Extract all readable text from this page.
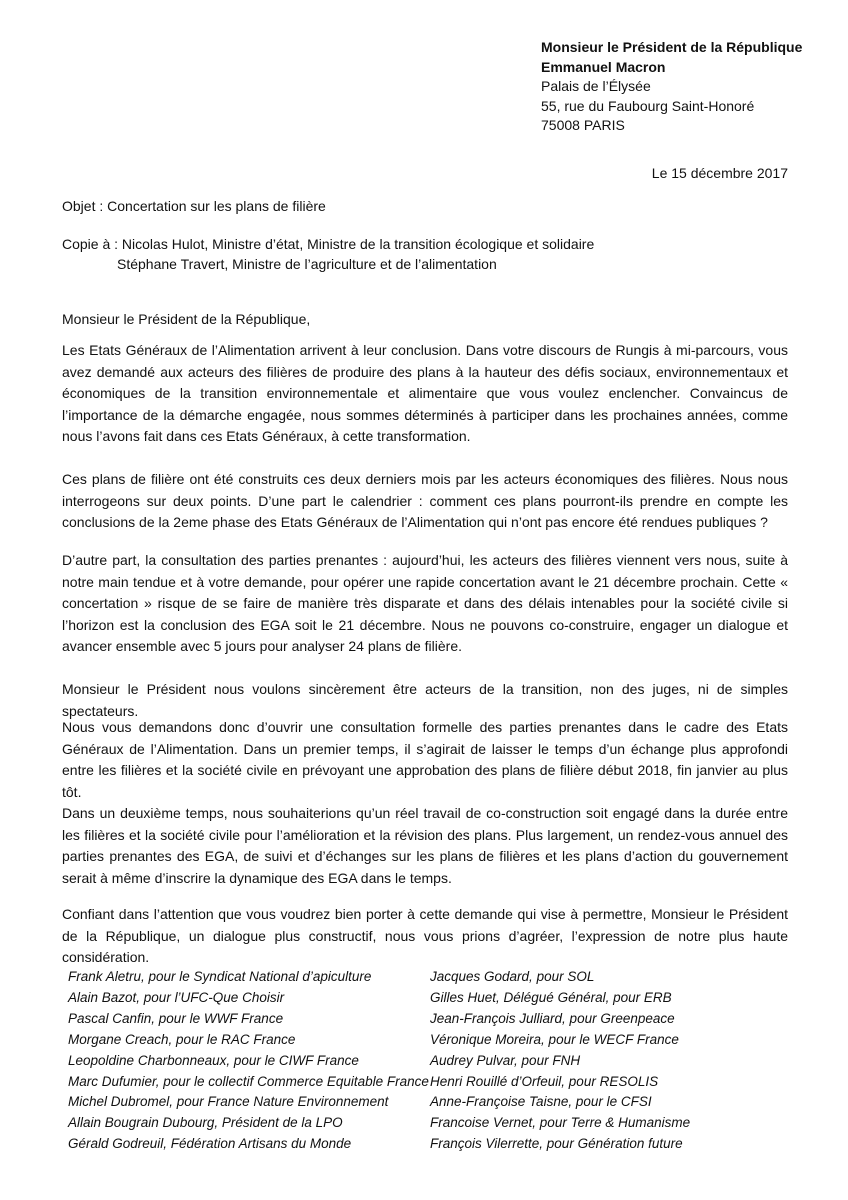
Monsieur le Président de la République
Emmanuel Macron
Palais de l’Élysée
55, rue du Faubourg Saint-Honoré
75008 PARIS
Le 15 décembre 2017
Objet : Concertation sur les plans de filière
Copie à : Nicolas Hulot, Ministre d’état, Ministre de la transition écologique et solidaire
Stéphane Travert, Ministre de l’agriculture et de l’alimentation
Monsieur le Président de la République,

Les Etats Généraux de l’Alimentation arrivent à leur conclusion. Dans votre discours de Rungis à mi-parcours, vous avez demandé aux acteurs des filières de produire des plans à la hauteur des défis sociaux, environnementaux et économiques de la transition environnementale et alimentaire que vous voulez enclencher. Convaincus de l’importance de la démarche engagée, nous sommes déterminés à participer dans les prochaines années, comme nous l’avons fait dans ces Etats Généraux, à cette transformation.

Ces plans de filière ont été construits ces deux derniers mois par les acteurs économiques des filières. Nous nous interrogeons sur deux points. D’une part le calendrier : comment ces plans pourront-ils prendre en compte les conclusions de la 2eme phase des Etats Généraux de l’Alimentation qui n’ont pas encore été rendues publiques ?

D’autre part, la consultation des parties prenantes : aujourd’hui, les acteurs des filières viennent vers nous, suite à notre main tendue et à votre demande, pour opérer une rapide concertation avant le 21 décembre prochain. Cette « concertation » risque de se faire de manière très disparate et dans des délais intenables pour la société civile si l’horizon est la conclusion des EGA soit le 21 décembre. Nous ne pouvons co-construire, engager un dialogue et avancer ensemble avec 5 jours pour analyser 24 plans de filière.

Monsieur le Président nous voulons sincèrement être acteurs de la transition, non des juges, ni de simples spectateurs.

Nous vous demandons donc d’ouvrir une consultation formelle des parties prenantes dans le cadre des Etats Généraux de l’Alimentation. Dans un premier temps, il s’agirait de laisser le temps d’un échange plus approfondi entre les filières et la société civile en prévoyant une approbation des plans de filière début 2018, fin janvier au plus tôt.

Dans un deuxième temps, nous souhaiterions qu’un réel travail de co-construction soit engagé dans la durée entre les filières et la société civile pour l’amélioration et la révision des plans. Plus largement, un rendez-vous annuel des parties prenantes des EGA, de suivi et d’échanges sur les plans de filières et les plans d’action du gouvernement serait à même d’inscrire la dynamique des EGA dans le temps.

Confiant dans l’attention que vous voudrez bien porter à cette demande qui vise à permettre, Monsieur le Président de la République, un dialogue plus constructif, nous vous prions d’agréer, l’expression de notre plus haute considération.

Frank Aletru, pour le Syndicat National d’apiculture
Alain Bazot, pour l’UFC-Que Choisir
Pascal Canfin, pour le WWF France
Morgane Creach, pour le RAC France
Leopoldine Charbonneaux, pour le CIWF France
Marc Dufumier, pour le collectif Commerce Equitable France
Michel Dubromel, pour France Nature Environnement
Allain Bougrain Dubourg, Président de la LPO
Gérald Godreuil, Fédération Artisans du Monde
Jacques Godard, pour SOL
Gilles Huet, Délégué Général, pour ERB
Jean-François Julliard, pour Greenpeace
Véronique Moreira, pour le WECF France
Audrey Pulvar, pour FNH
Henri Rouillé d’Orfeuil, pour RESOLIS
Anne-Françoise Taisne, pour le CFSI
Francoise Vernet, pour Terre & Humanisme
François Vilerrette, pour Génération future
